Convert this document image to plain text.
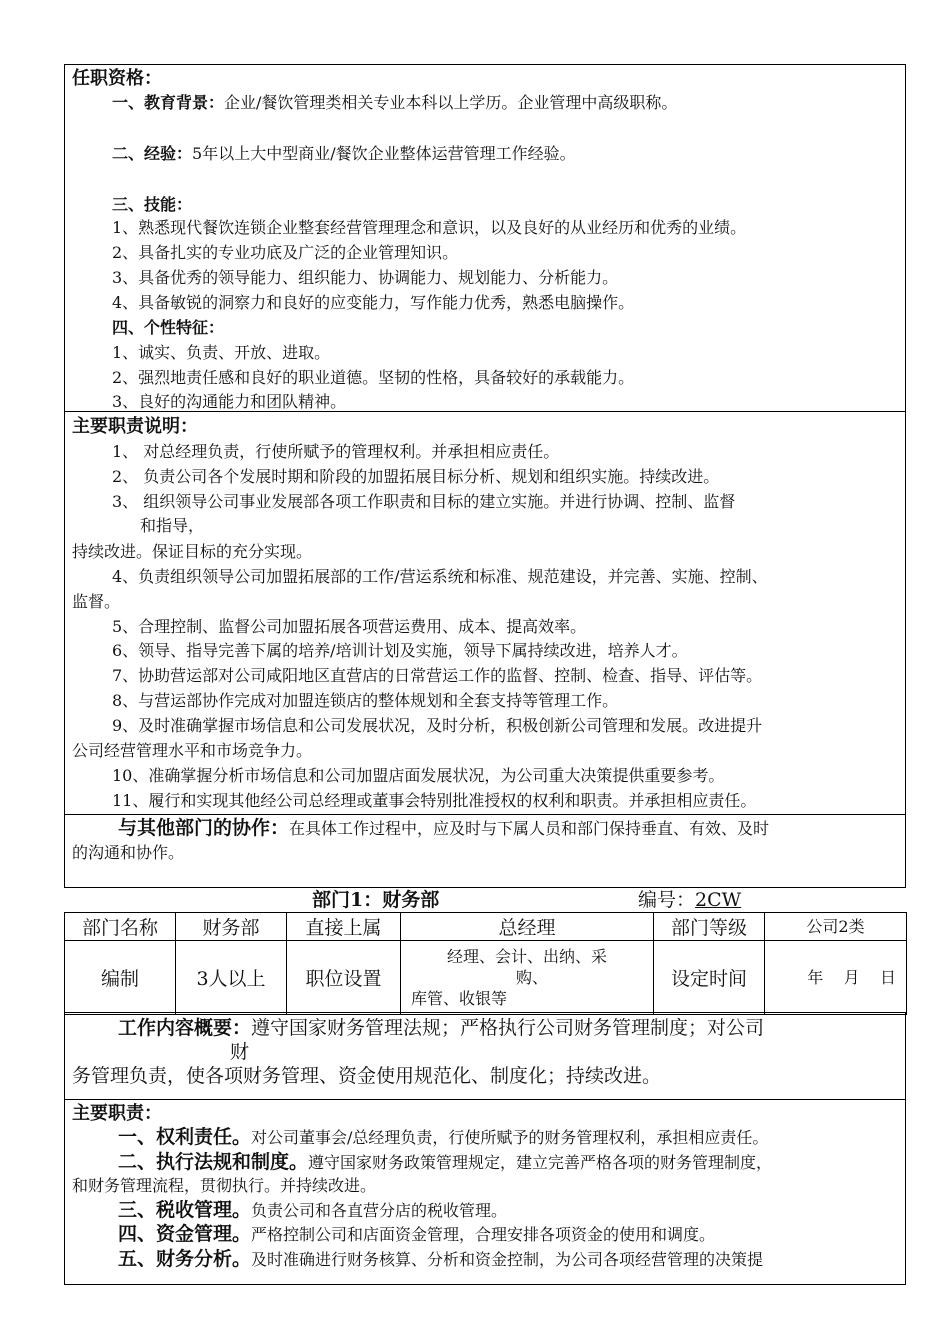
任职资格：
一、教育背景：企业/餐饮管理类相关专业本科以上学历。企业管理中高级职称。
二、经验：5年以上大中型商业/餐饮企业整体运营管理工作经验。
三、技能：
1、熟悉现代餐饮连锁企业整套经营管理理念和意识，以及良好的从业经历和优秀的业绩。
2、具备扎实的专业功底及广泛的企业管理知识。
3、具备优秀的领导能力、组织能力、协调能力、规划能力、分析能力。
4、具备敏锐的洞察力和良好的应变能力，写作能力优秀，熟悉电脑操作。
四、个性特征：
1、诚实、负责、开放、进取。
2、强烈地责任感和良好的职业道德。坚韧的性格，具备较好的承载能力。
3、良好的沟通能力和团队精神。
主要职责说明：
1、 对总经理负责，行使所赋予的管理权利。并承担相应责任。
2、 负责公司各个发展时期和阶段的加盟拓展目标分析、规划和组织实施。持续改进。
3、 组织领导公司事业发展部各项工作职责和目标的建立实施。并进行协调、控制、监督
和指导，
持续改进。保证目标的充分实现。
4、负责组织领导公司加盟拓展部的工作/营运系统和标准、规范建设，并完善、实施、控制、
监督。
5、合理控制、监督公司加盟拓展各项营运费用、成本、提高效率。
6、领导、指导完善下属的培养/培训计划及实施，领导下属持续改进，培养人才。
7、协助营运部对公司咸阳地区直营店的日常营运工作的监督、控制、检查、指导、评估等。
8、与营运部协作完成对加盟连锁店的整体规划和全套支持等管理工作。
9、及时准确掌握市场信息和公司发展状况，及时分析，积极创新公司管理和发展。改进提升
公司经营管理水平和市场竞争力。
10、准确掌握分析市场信息和公司加盟店面发展状况，为公司重大决策提供重要参考。
11、履行和实现其他经公司总经理或董事会特别批准授权的权利和职责。并承担相应责任。
与其他部门的协作：在具体工作过程中，应及时与下属人员和部门保持垂直、有效、及时
的沟通和协作。
部门1：财务部	编号：2CW
部门名称	财务部	直接上属	总经理	部门等级	公司2类
编制	3人以上	职位设置	经理、会计、出纳、采
购、
库管、收银等	设定时间	年    月    日
工作内容概要：遵守国家财务管理法规；严格执行公司财务管理制度；对公司
财
务管理负责，使各项财务管理、资金使用规范化、制度化；持续改进。
主要职责：
一、权利责任。对公司董事会/总经理负责，行使所赋予的财务管理权利，承担相应责任。
二、执行法规和制度。遵守国家财务政策管理规定，建立完善严格各项的财务管理制度，
和财务管理流程，贯彻执行。并持续改进。
三、税收管理。负责公司和各直营分店的税收管理。
四、资金管理。严格控制公司和店面资金管理，合理安排各项资金的使用和调度。
五、财务分析。及时准确进行财务核算、分析和资金控制，为公司各项经营管理的决策提
